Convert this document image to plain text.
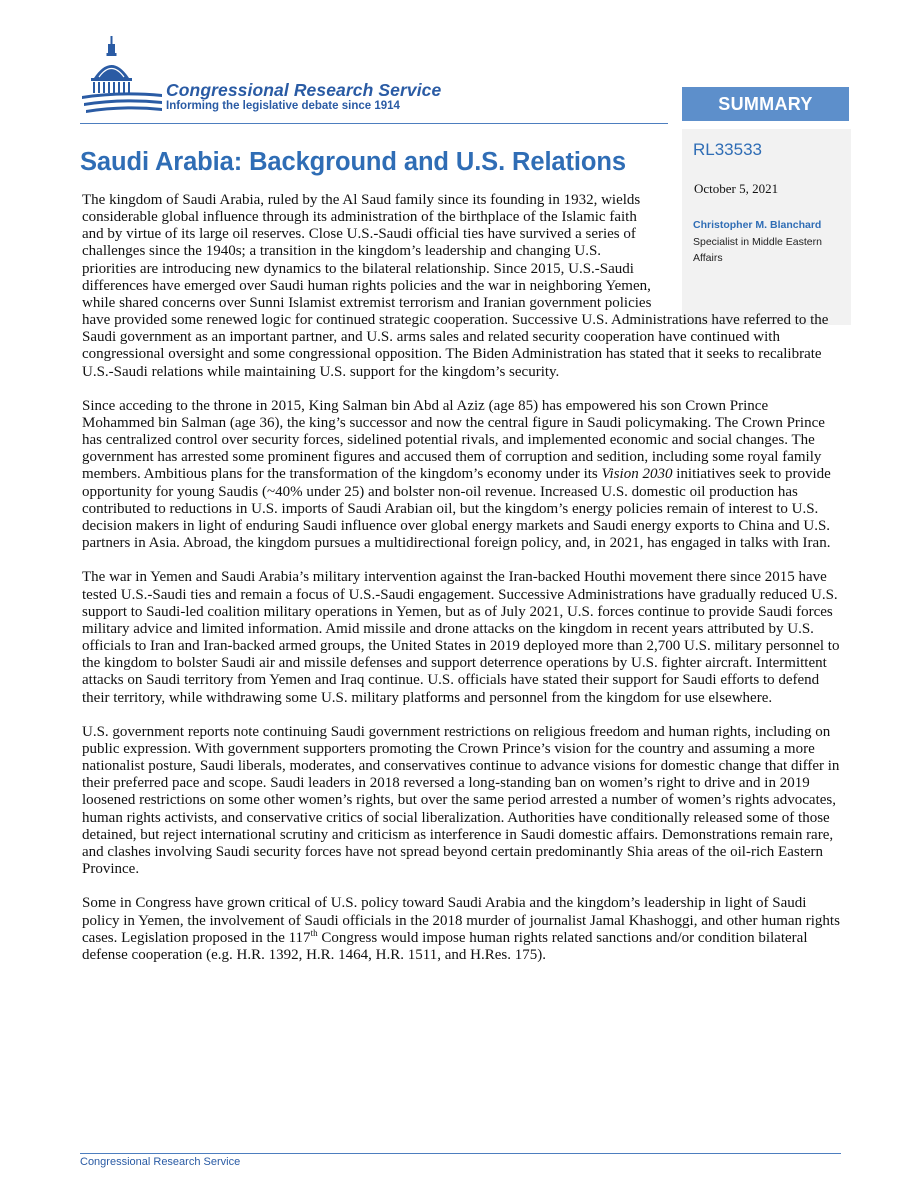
Congressional Research Service
Informing the legislative debate since 1914	SUMMARY
RL33533
October 5, 2021
Christopher M. Blanchard
Specialist in Middle Eastern Affairs
Saudi Arabia: Background and U.S. Relations

The kingdom of Saudi Arabia, ruled by the Al Saud family since its founding in 1932, wields considerable global influence through its administration of the birthplace of the Islamic faith and by virtue of its large oil reserves. Close U.S.-Saudi official ties have survived a series of challenges since the 1940s; a transition in the kingdom’s leadership and changing U.S. priorities are introducing new dynamics to the bilateral relationship. Since 2015, U.S.-Saudi differences have emerged over Saudi human rights policies and the war in neighboring Yemen, while shared concerns over Sunni Islamist extremist terrorism and Iranian government policies have provided some renewed logic for continued strategic cooperation. Successive U.S. Administrations have referred to the Saudi government as an important partner, and U.S. arms sales and related security cooperation have continued with congressional oversight and some congressional opposition. The Biden Administration has stated that it seeks to recalibrate U.S.-Saudi relations while maintaining U.S. support for the kingdom’s security.

Since acceding to the throne in 2015, King Salman bin Abd al Aziz (age 85) has empowered his son Crown Prince Mohammed bin Salman (age 36), the king’s successor and now the central figure in Saudi policymaking. The Crown Prince has centralized control over security forces, sidelined potential rivals, and implemented economic and social changes. The government has arrested some prominent figures and accused them of corruption and sedition, including some royal family members. Ambitious plans for the transformation of the kingdom’s economy under its Vision 2030 initiatives seek to provide opportunity for young Saudis (~40% under 25) and bolster non-oil revenue. Increased U.S. domestic oil production has contributed to reductions in U.S. imports of Saudi Arabian oil, but the kingdom’s energy policies remain of interest to U.S. decision makers in light of enduring Saudi influence over global energy markets and Saudi energy exports to China and U.S. partners in Asia. Abroad, the kingdom pursues a multidirectional foreign policy, and, in 2021, has engaged in talks with Iran.

The war in Yemen and Saudi Arabia’s military intervention against the Iran-backed Houthi movement there since 2015 have tested U.S.-Saudi ties and remain a focus of U.S.-Saudi engagement. Successive Administrations have gradually reduced U.S. support to Saudi-led coalition military operations in Yemen, but as of July 2021, U.S. forces continue to provide Saudi forces military advice and limited information. Amid missile and drone attacks on the kingdom in recent years attributed by U.S. officials to Iran and Iran-backed armed groups, the United States in 2019 deployed more than 2,700 U.S. military personnel to the kingdom to bolster Saudi air and missile defenses and support deterrence operations by U.S. fighter aircraft. Intermittent attacks on Saudi territory from Yemen and Iraq continue. U.S. officials have stated their support for Saudi efforts to defend their territory, while withdrawing some U.S. military platforms and personnel from the kingdom for use elsewhere.

U.S. government reports note continuing Saudi government restrictions on religious freedom and human rights, including on public expression. With government supporters promoting the Crown Prince’s vision for the country and assuming a more nationalist posture, Saudi liberals, moderates, and conservatives continue to advance visions for domestic change that differ in their preferred pace and scope. Saudi leaders in 2018 reversed a long-standing ban on women’s right to drive and in 2019 loosened restrictions on some other women’s rights, but over the same period arrested a number of women’s rights advocates, human rights activists, and conservative critics of social liberalization. Authorities have conditionally released some of those detained, but reject international scrutiny and criticism as interference in Saudi domestic affairs. Demonstrations remain rare, and clashes involving Saudi security forces have not spread beyond certain predominantly Shia areas of the oil-rich Eastern Province.

Some in Congress have grown critical of U.S. policy toward Saudi Arabia and the kingdom’s leadership in light of Saudi policy in Yemen, the involvement of Saudi officials in the 2018 murder of journalist Jamal Khashoggi, and other human rights cases. Legislation proposed in the 117th Congress would impose human rights related sanctions and/or condition bilateral defense cooperation (e.g. H.R. 1392, H.R. 1464, H.R. 1511, and H.Res. 175).

Congressional Research Service
